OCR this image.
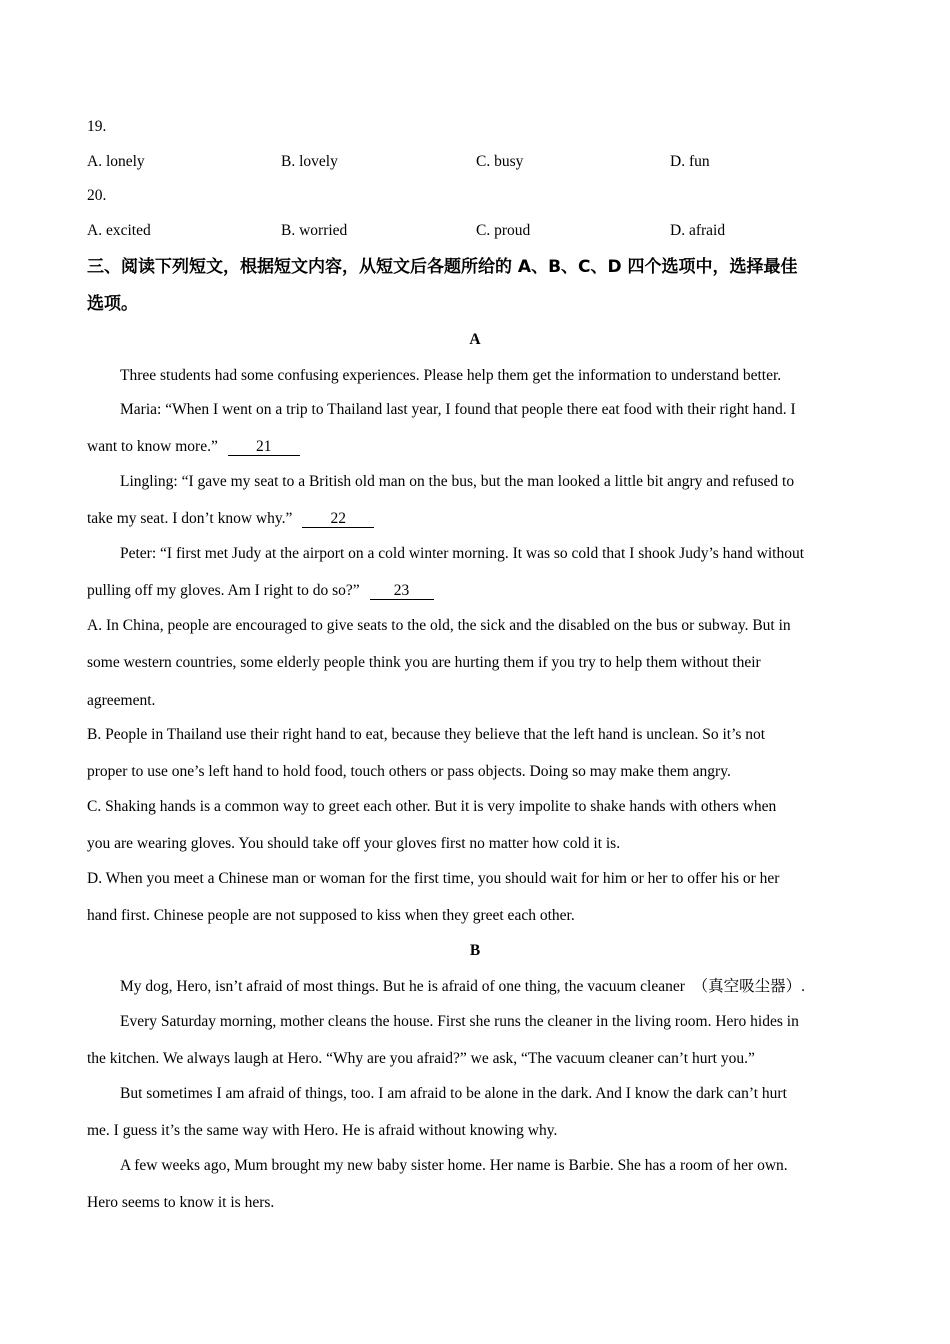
19.
A. lonely	B. lovely	C. busy	D. fun
20.
A. excited	B. worried	C. proud	D. afraid
三、阅读下列短文，根据短文内容，从短文后各题所给的 A、B、C、D 四个选项中，选择最佳
选项。
A
Three students had some confusing experiences. Please help them get the information to understand better.
Maria: “When I went on a trip to Thailand last year, I found that people there eat food with their right hand. I
want to know more.” 21
Lingling: “I gave my seat to a British old man on the bus, but the man looked a little bit angry and refused to
take my seat. I don’t know why.” 22
Peter: “I first met Judy at the airport on a cold winter morning. It was so cold that I shook Judy’s hand without
pulling off my gloves. Am I right to do so?” 23
A. In China, people are encouraged to give seats to the old, the sick and the disabled on the bus or subway. But in
some western countries, some elderly people think you are hurting them if you try to help them without their
agreement.
B. People in Thailand use their right hand to eat, because they believe that the left hand is unclean. So it’s not
proper to use one’s left hand to hold food, touch others or pass objects. Doing so may make them angry.
C. Shaking hands is a common way to greet each other. But it is very impolite to shake hands with others when
you are wearing gloves. You should take off your gloves first no matter how cold it is.
D. When you meet a Chinese man or woman for the first time, you should wait for him or her to offer his or her
hand first. Chinese people are not supposed to kiss when they greet each other.
B
My dog, Hero, isn’t afraid of most things. But he is afraid of one thing, the vacuum cleaner　（真空吸尘器）.
Every Saturday morning, mother cleans the house. First she runs the cleaner in the living room. Hero hides in
the kitchen. We always laugh at Hero. “Why are you afraid?” we ask, “The vacuum cleaner can’t hurt you.”
But sometimes I am afraid of things, too. I am afraid to be alone in the dark. And I know the dark can’t hurt
me. I guess it’s the same way with Hero. He is afraid without knowing why.
A few weeks ago, Mum brought my new baby sister home. Her name is Barbie. She has a room of her own.
Hero seems to know it is hers.
